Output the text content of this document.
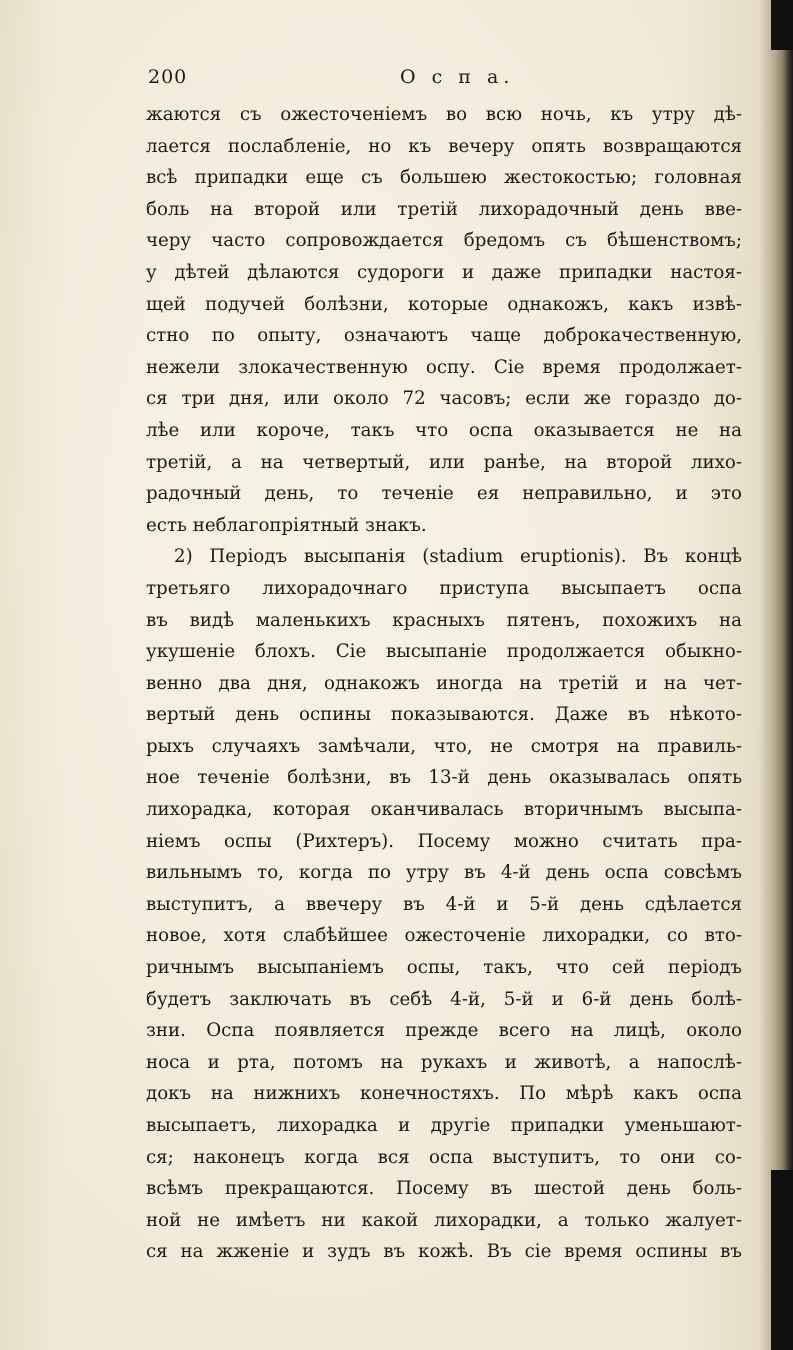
200	О с п а.
жаются съ ожесточеніемъ во всю ночь, къ утру дѣ-
лается послабленіе, но къ вечеру опять возвращаются
всѣ припадки еще съ большею жестокостью; головная
боль на второй или третій лихорадочный день вве-
черу часто сопровождается бредомъ съ бѣшенствомъ;
у дѣтей дѣлаются судороги и даже припадки настоя-
щей подучей болѣзни, которые однакожъ, какъ извѣ-
стно по опыту, означаютъ чаще доброкачественную,
нежели злокачественную оспу. Сіе время продолжает-
ся три дня, или около 72 часовъ; если же гораздо до-
лѣе или короче, такъ что оспа оказывается не на
третій, а на четвертый, или ранѣе, на второй лихо-
радочный день, то теченіе ея неправильно, и это
есть неблагопріятный знакъ.
2) Періодъ высыпанія (stadium eruptionis). Въ концѣ
третьяго лихорадочнаго приступа высыпаетъ оспа
въ видѣ маленькихъ красныхъ пятенъ, похожихъ на
укушеніе блохъ. Сіе высыпаніе продолжается обыкно-
венно два дня, однакожъ иногда на третій и на чет-
вертый день оспины показываются. Даже въ нѣкото-
рыхъ случаяхъ замѣчали, что, не смотря на правиль-
ное теченіе болѣзни, въ 13-й день оказывалась опять
лихорадка, которая оканчивалась вторичнымъ высыпа-
ніемъ оспы (Рихтеръ). Посему можно считать пра-
вильнымъ то, когда по утру въ 4-й день оспа совсѣмъ
выступитъ, а ввечеру въ 4-й и 5-й день сдѣлается
новое, хотя слабѣйшее ожесточеніе лихорадки, со вто-
ричнымъ высыпаніемъ оспы, такъ, что сей періодъ
будетъ заключать въ себѣ 4-й, 5-й и 6-й день болѣ-
зни. Оспа появляется прежде всего на лицѣ, около
носа и рта, потомъ на рукахъ и животѣ, а напослѣ-
докъ на нижнихъ конечностяхъ. По мѣрѣ какъ оспа
высыпаетъ, лихорадка и другіе припадки уменьшают-
ся; наконецъ когда вся оспа выступитъ, то они со-
всѣмъ прекращаются. Посему въ шестой день боль-
ной не имѣетъ ни какой лихорадки, а только жалует-
ся на жженіе и зудъ въ кожѣ. Въ сіе время оспины въ
